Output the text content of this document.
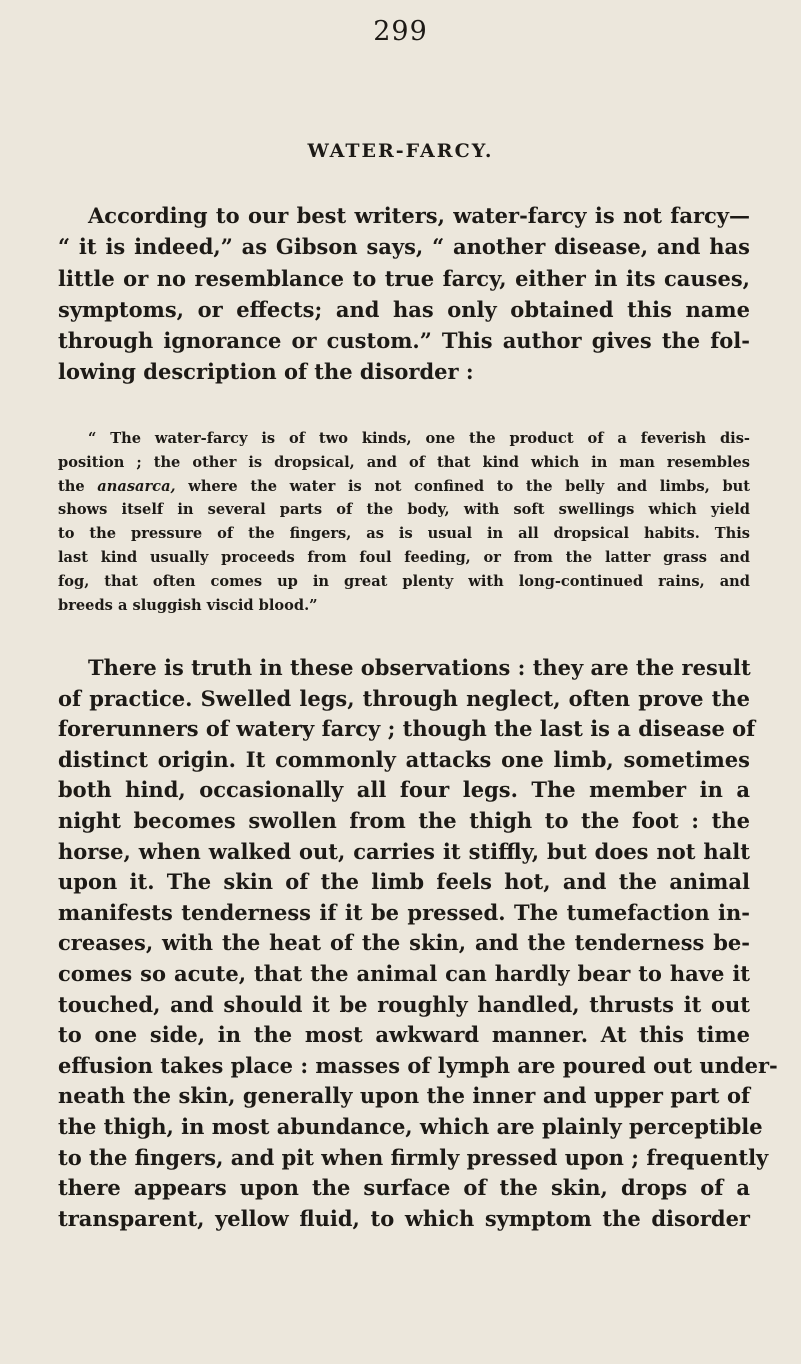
299
WATER-FARCY.

According to our best writers, water-farcy is not farcy—
“ it is indeed,” as Gibson says, “ another disease, and has
little or no resemblance to true farcy, either in its causes,
symptoms, or effects; and has only obtained this name
through ignorance or custom.” This author gives the fol-
lowing description of the disorder :

“ The water-farcy is of two kinds, one the product of a feverish dis-
position ; the other is dropsical, and of that kind which in man resembles
the anasarca, where the water is not confined to the belly and limbs, but
shows itself in several parts of the body, with soft swellings which yield
to the pressure of the fingers, as is usual in all dropsical habits. This
last kind usually proceeds from foul feeding, or from the latter grass and
fog, that often comes up in great plenty with long-continued rains, and
breeds a sluggish viscid blood.”

There is truth in these observations : they are the result
of practice. Swelled legs, through neglect, often prove the
forerunners of watery farcy ; though the last is a disease of
distinct origin. It commonly attacks one limb, sometimes
both hind, occasionally all four legs. The member in a
night becomes swollen from the thigh to the foot : the
horse, when walked out, carries it stiffly, but does not halt
upon it. The skin of the limb feels hot, and the animal
manifests tenderness if it be pressed. The tumefaction in-
creases, with the heat of the skin, and the tenderness be-
comes so acute, that the animal can hardly bear to have it
touched, and should it be roughly handled, thrusts it out
to one side, in the most awkward manner. At this time
effusion takes place : masses of lymph are poured out under-
neath the skin, generally upon the inner and upper part of
the thigh, in most abundance, which are plainly perceptible
to the fingers, and pit when firmly pressed upon ; frequently
there appears upon the surface of the skin, drops of a
transparent, yellow fluid, to which symptom the disorder
